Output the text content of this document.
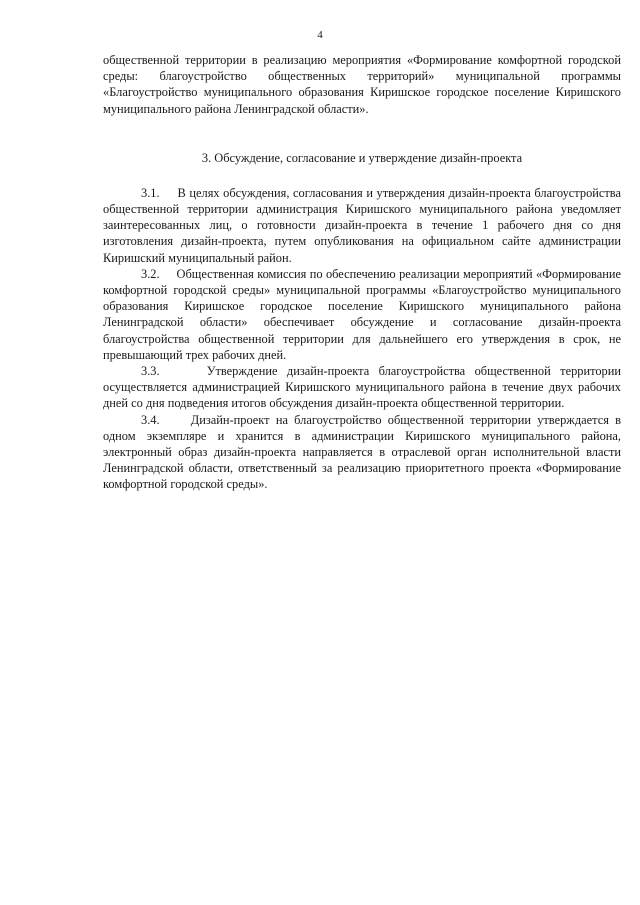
4

общественной территории в реализацию мероприятия «Формирование комфортной городской среды: благоустройство общественных территорий» муниципальной программы «Благоустройство муниципального образования Киришское городское поселение Киришского муниципального района Ленинградской области».

3. Обсуждение, согласование и утверждение дизайн-проекта

3.1.     В целях обсуждения, согласования и утверждения дизайн-проекта благоустройства общественной территории администрация Киришского муниципального района уведомляет заинтересованных лиц, о готовности дизайн-проекта в течение 1 рабочего дня со дня изготовления дизайн-проекта, путем опубликования на официальном сайте администрации Киришский муниципальный район.

3.2.     Общественная комиссия по обеспечению реализации мероприятий «Формирование комфортной городской среды» муниципальной программы «Благоустройство муниципального образования Киришское городское поселение Киришского муниципального района Ленинградской области» обеспечивает обсуждение и согласование дизайн-проекта благоустройства общественной территории для дальнейшего его утверждения в срок, не превышающий трех рабочих дней.

3.3.     Утверждение дизайн-проекта благоустройства общественной территории осуществляется администрацией Киришского муниципального района в течение двух рабочих дней со дня подведения итогов обсуждения дизайн-проекта общественной территории.

3.4.     Дизайн-проект на благоустройство общественной территории утверждается в одном экземпляре и хранится в администрации Киришского муниципального района, электронный образ дизайн-проекта направляется в отраслевой орган исполнительной власти Ленинградской области, ответственный за реализацию приоритетного проекта «Формирование комфортной городской среды».
